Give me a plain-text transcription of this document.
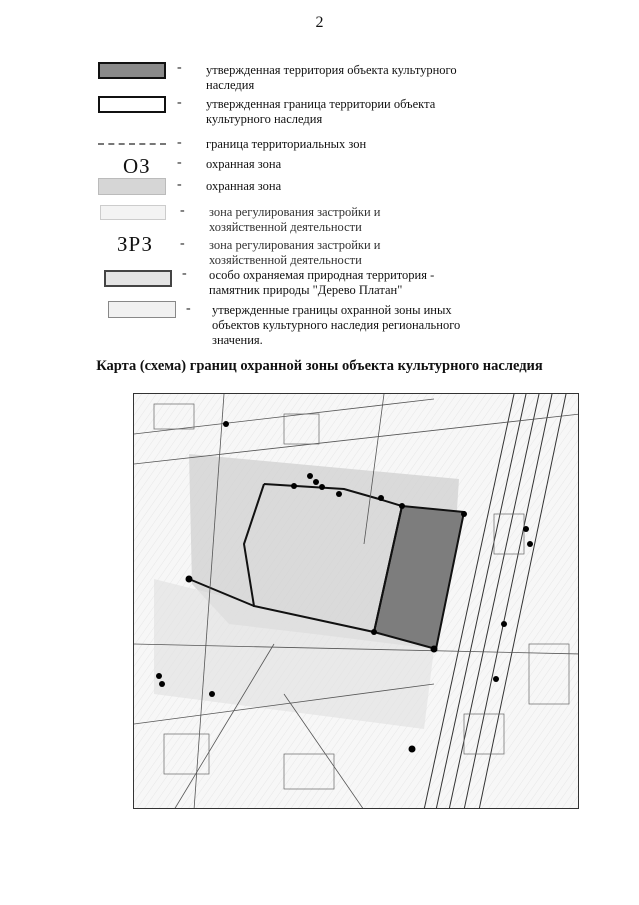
2
- утвержденная территория объекта культурного наследия
- утвержденная граница территории объекта культурного наследия
- граница территориальных зон
ОЗ - охранная зона
- охранная зона
- зона регулирования застройки и хозяйственной деятельности
ЗРЗ - зона регулирования застройки и хозяйственной деятельности
- особо охраняемая природная территория - памятник природы "Дерево Платан"
- утвержденные границы охранной зоны иных объектов культурного наследия регионального значения.
Карта (схема) границ охранной зоны объекта культурного наследия
